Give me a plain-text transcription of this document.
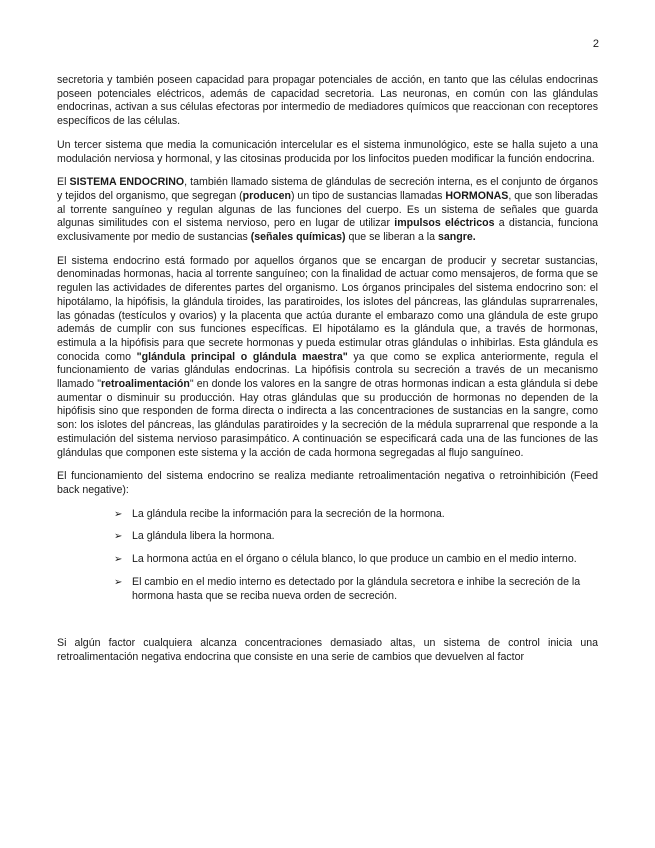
2

secretoria y también poseen capacidad para propagar potenciales de acción, en tanto que las células endocrinas poseen potenciales eléctricos, además de capacidad secretoria. Las neuronas, en común con las glándulas endocrinas, activan a sus células efectoras por intermedio de mediadores químicos que reaccionan con receptores específicos de las células.

Un tercer sistema que media la comunicación intercelular es el sistema inmunológico, este se halla sujeto a una modulación nerviosa y hormonal, y las citosinas producida por los linfocitos pueden modificar la función endocrina.

El SISTEMA ENDOCRINO, también llamado sistema de glándulas de secreción interna, es el conjunto de órganos y tejidos del organismo, que segregan (producen) un tipo de sustancias llamadas HORMONAS, que son liberadas al torrente sanguíneo y regulan algunas de las funciones del cuerpo. Es un sistema de señales que guarda algunas similitudes con el sistema nervioso, pero en lugar de utilizar impulsos eléctricos a distancia, funciona exclusivamente por medio de sustancias (señales químicas) que se liberan a la sangre.

El sistema endocrino está formado por aquellos órganos que se encargan de producir y secretar sustancias, denominadas hormonas, hacia al torrente sanguíneo; con la finalidad de actuar como mensajeros, de forma que se regulen las actividades de diferentes partes del organismo. Los órganos principales del sistema endocrino son: el hipotálamo, la hipófisis, la glándula tiroides, las paratiroides, los islotes del páncreas, las glándulas suprarrenales, las gónadas (testículos y ovarios) y la placenta que actúa durante el embarazo como una glándula de este grupo además de cumplir con sus funciones específicas. El hipotálamo es la glándula que, a través de hormonas, estimula a la hipófisis para que secrete hormonas y pueda estimular otras glándulas o inhibirlas. Esta glándula es conocida como "glándula principal o glándula maestra" ya que como se explica anteriormente, regula el funcionamiento de varias glándulas endocrinas. La hipófisis controla su secreción a través de un mecanismo llamado "retroalimentación" en donde los valores en la sangre de otras hormonas indican a esta glándula si debe aumentar o disminuir su producción. Hay otras glándulas que su producción de hormonas no dependen de la hipófisis sino que responden de forma directa o indirecta a las concentraciones de sustancias en la sangre, como son: los islotes del páncreas, las glándulas paratiroides y la secreción de la médula suprarrenal que responde a la estimulación del sistema nervioso parasimpático. A continuación se especificará cada una de las funciones de las glándulas que componen este sistema y la acción de cada hormona segregadas al flujo sanguíneo.

El funcionamiento del sistema endocrino se realiza mediante retroalimentación negativa o retroinhibición (Feed back negative):

➢ La glándula recibe la información para la secreción de la hormona.
➢ La glándula libera la hormona.
➢ La hormona actúa en el órgano o célula blanco, lo que produce un cambio en el medio interno.
➢ El cambio en el medio interno es detectado por la glándula secretora e inhibe la secreción de la hormona hasta que se reciba nueva orden de secreción.

Si algún factor cualquiera alcanza concentraciones demasiado altas, un sistema de control inicia una retroalimentación negativa endocrina que consiste en una serie de cambios que devuelven al factor
